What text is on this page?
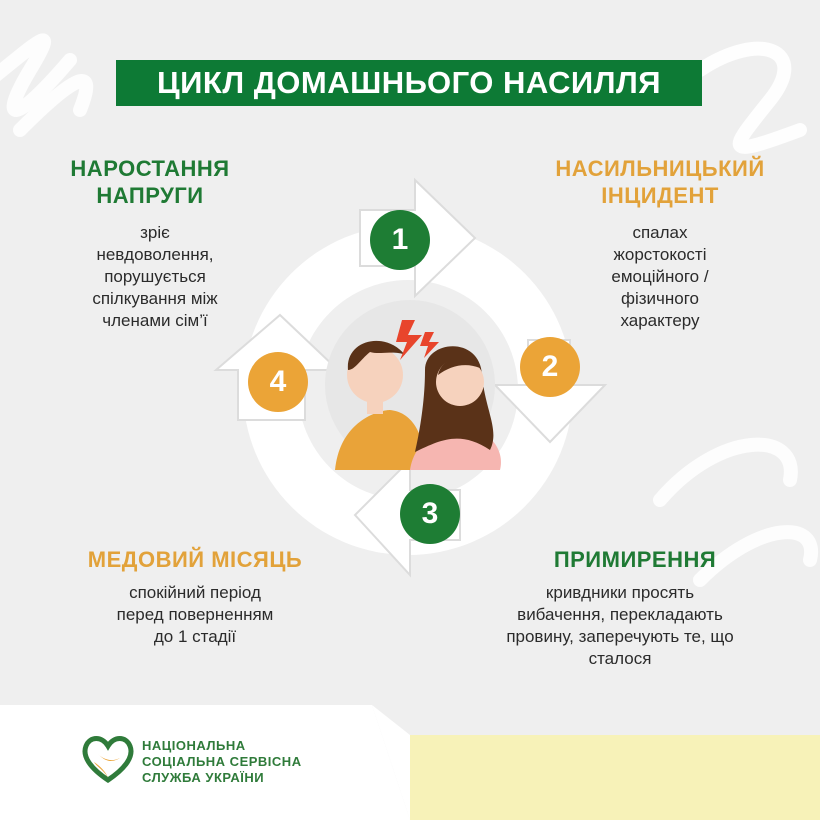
ЦИКЛ ДОМАШНЬОГО НАСИЛЛЯ
1
2
3
4
НАРОСТАННЯ
НАПРУГИ
зріє
невдоволення,
порушується
спілкування між
членами сім’ї
НАСИЛЬНИЦЬКИЙ
ІНЦИДЕНТ
спалах
жорстокості
емоційного /
фізичного
характеру
ПРИМИРЕННЯ
кривдники просять
вибачення, перекладають
провину, заперечують те, що
сталося
МЕДОВИЙ МІСЯЦЬ
спокійний період
перед поверненням
до 1 стадії
НАЦІОНАЛЬНА
СОЦІАЛЬНА СЕРВІСНА
СЛУЖБА УКРАЇНИ
